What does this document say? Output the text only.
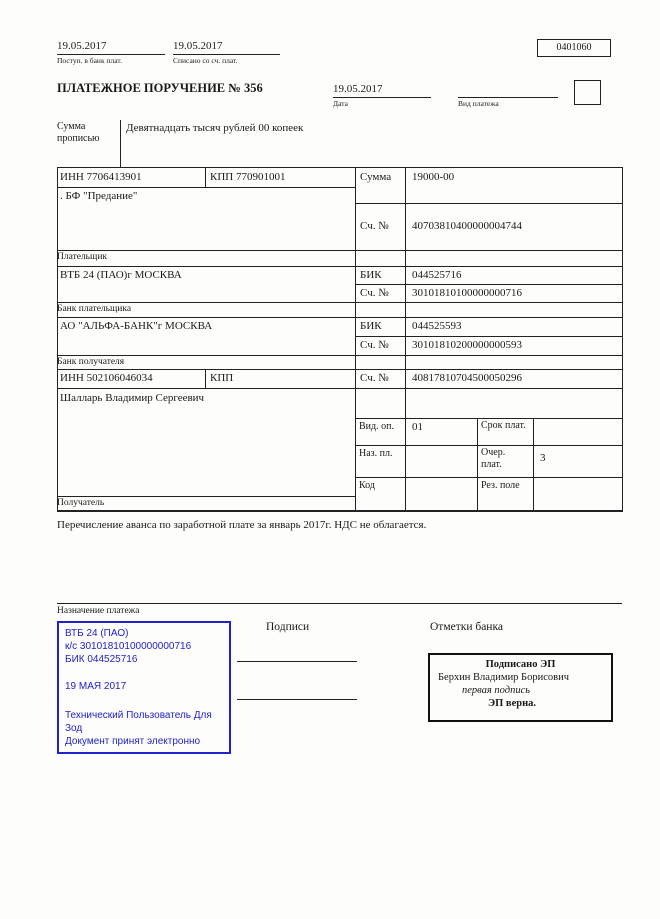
19.05.2017
Поступ. в банк плат.
19.05.2017
Списано со сч. плат.
0401060
ПЛАТЕЖНОЕ ПОРУЧЕНИЕ № 356	19.05.2017
Дата	Вид платежа
Сумма прописью
Девятнадцать тысяч рублей 00 копеек
ИНН 7706413901	КПП 770901001	Сумма 19000-00
. БФ "Предание"
Сч. № 40703810400000004744
Плательщик
ВТБ 24 (ПАО)г МОСКВА	БИК	044525716
Сч. № 30101810100000000716
Банк плательщика
АО "АЛЬФА-БАНК"г МОСКВА	БИК	044525593
Сч. № 30101810200000000593
Банк получателя
ИНН 502106046034	КПП	Сч. № 40817810704500050296
Шалларь Владимир Сергеевич
Вид. оп. 01	Срок плат.
Наз. пл.	Очер. плат.	3
Код	Рез. поле
Получатель
Перечисление аванса по заработной плате за январь 2017г. НДС не облагается.
Назначение платежа
Подписи	Отметки банка
ВТБ 24 (ПАО)
к/с 30101810100000000716
БИК 044525716
19 МАЯ 2017
Технический Пользователь Для Зод
Документ принят электронно
Подписано ЭП
Берхин Владимир Борисович
первая подпись
ЭП верна.
